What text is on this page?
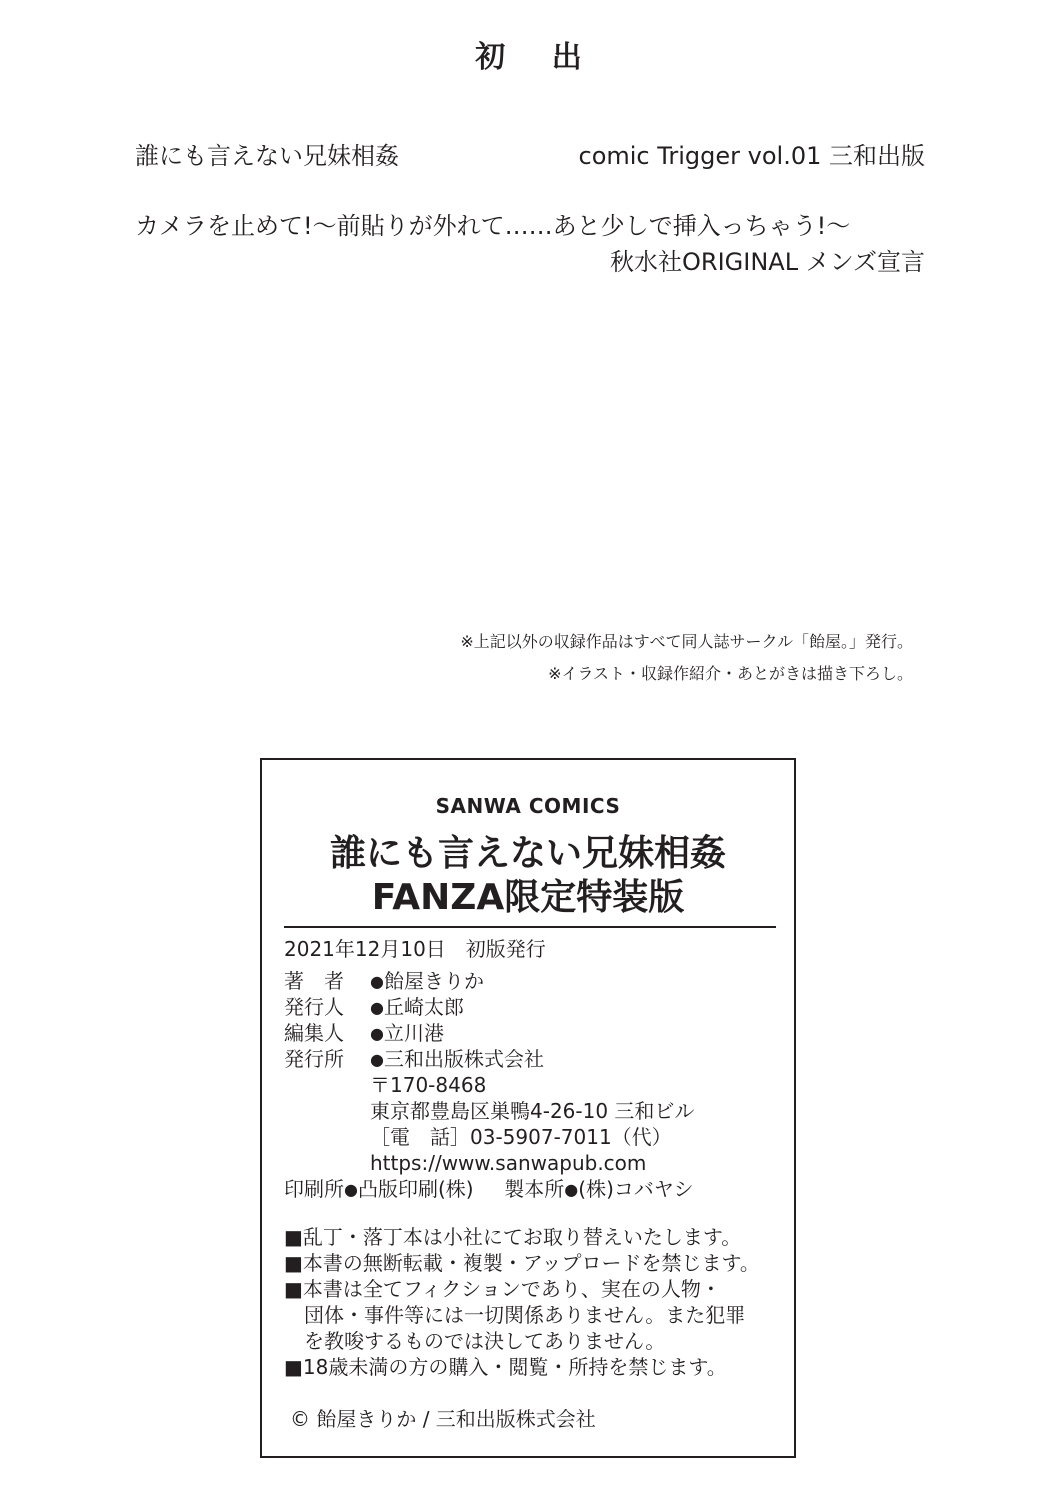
初 出
誰にも言えない兄妹相姦	comic Trigger vol.01 三和出版
カメラを止めて!〜前貼りが外れて……あと少しで挿入っちゃう!〜
秋水社ORIGINAL メンズ宣言
※上記以外の収録作品はすべて同人誌サークル「飴屋。」発行。
※イラスト・収録作紹介・あとがきは描き下ろし。
SANWA COMICS
誰にも言えない兄妹相姦
FANZA限定特装版
2021年12月10日　初版発行
著　者 ●飴屋きりか
発行人 ●丘崎太郎
編集人 ●立川港
発行所 ●三和出版株式会社
〒170-8468
東京都豊島区巣鴨4-26-10 三和ビル
［電　話］03-5907-7011（代）
https://www.sanwapub.com
印刷所●凸版印刷(株) 製本所●(株)コバヤシ
■乱丁・落丁本は小社にてお取り替えいたします。
■本書の無断転載・複製・アップロードを禁じます。
■本書は全てフィクションであり、実在の人物・
　団体・事件等には一切関係ありません。また犯罪
　を教唆するものでは決してありません。
■18歳未満の方の購入・閲覧・所持を禁じます。
© 飴屋きりか / 三和出版株式会社
